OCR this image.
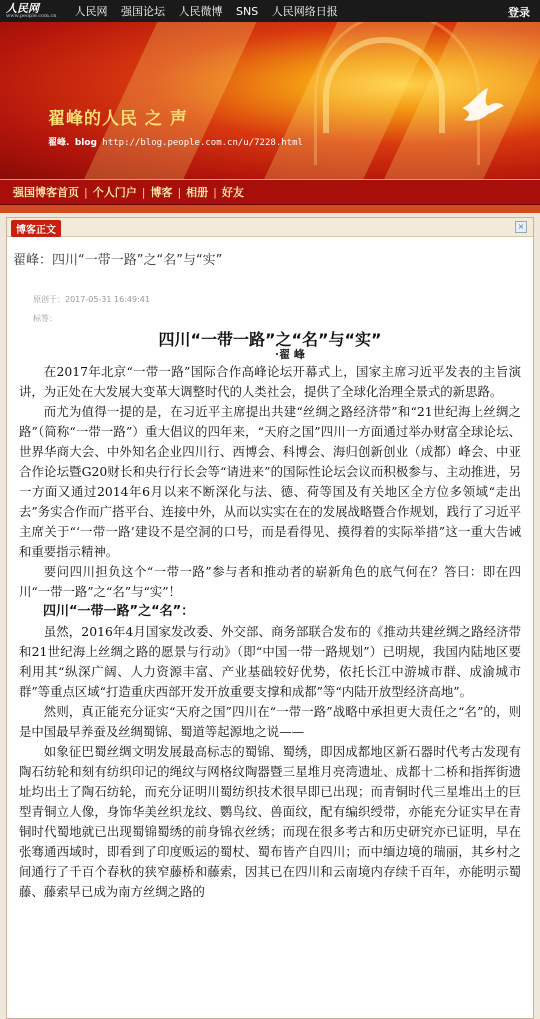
人民网
www.people.com.cn 人民网 强国论坛 人民微博 SNS 人民网络日报	登录
翟峰的人民 之 声
翟峰. blog http://blog.people.com.cn/u/7228.html
强国博客首页 | 个人门户 | 博客 | 相册 | 好友
博客正文	×
翟峰：四川“一带一路”之“名”与“实”
原创于：2017-05-31 16:49:41
标签：
四川“一带一路”之“名”与“实”
·翟 峰

在2017年北京“一带一路”国际合作高峰论坛开幕式上，国家主席习近平发表的主旨演讲，为正处在大发展大变革大调整时代的人类社会，提供了全球化治理全景式的新思路。

而尤为值得一提的是，在习近平主席提出共建“丝绸之路经济带”和“21世纪海上丝绸之路”（简称“一带一路”）重大倡议的四年来，“天府之国”四川一方面通过举办财富全球论坛、世界华商大会、中外知名企业四川行、西博会、科博会、海归创新创业（成都）峰会、中亚合作论坛暨G20财长和央行行长会等“请进来”的国际性论坛会议而积极参与、主动推进，另一方面又通过2014年6月以来不断深化与法、德、荷等国及有关地区全方位多领域“走出去”务实合作而广搭平台、连接中外，从而以实实在在的发展战略暨合作规划，践行了习近平主席关于“‘一带一路’建设不是空洞的口号，而是看得见、摸得着的实际举措”这一重大告诫和重要指示精神。

要问四川担负这个“一带一路”参与者和推动者的崭新角色的底气何在？答曰：即在四川“一带一路”之“名”与“实”！

四川“一带一路”之“名”：

虽然，2016年4月国家发改委、外交部、商务部联合发布的《推动共建丝绸之路经济带和21世纪海上丝绸之路的愿景与行动》（即“中国一带一路规划”）已明规，我国内陆地区要利用其“纵深广阔、人力资源丰富、产业基础较好优势，依托长江中游城市群、成渝城市群”等重点区域“打造重庆西部开发开放重要支撑和成都”等“内陆开放型经济高地”。

然则，真正能充分证实“天府之国”四川在“一带一路”战略中承担更大责任之“名”的，则是中国最早养蚕及丝绸蜀锦、蜀道等起源地之说——

如象征巴蜀丝绸文明发展最高标志的蜀锦、蜀绣，即因成都地区新石器时代考古发现有陶石纺轮和刻有纺织印记的绳纹与网格纹陶器暨三星堆月亮湾遗址、成都十二桥和指挥街遗址均出土了陶石纺轮，而充分证明川蜀纺织技术很早即已出现；而青铜时代三星堆出土的巨型青铜立人像，身饰华美丝织龙纹、鹦鸟纹、兽面纹，配有编织绶带，亦能充分证实早在青铜时代蜀地就已出现蜀锦蜀绣的前身锦衣丝绣；而现在很多考古和历史研究亦已证明，早在张骞通西域时，即看到了印度贩运的蜀杖、蜀布皆产自四川；而中缅边境的瑞丽，其乡村之间通行了千百个春秋的狭窄藤桥和藤索，因其已在四川和云南境内存续千百年，亦能明示蜀藤、藤索早已成为南方丝绸之路的
